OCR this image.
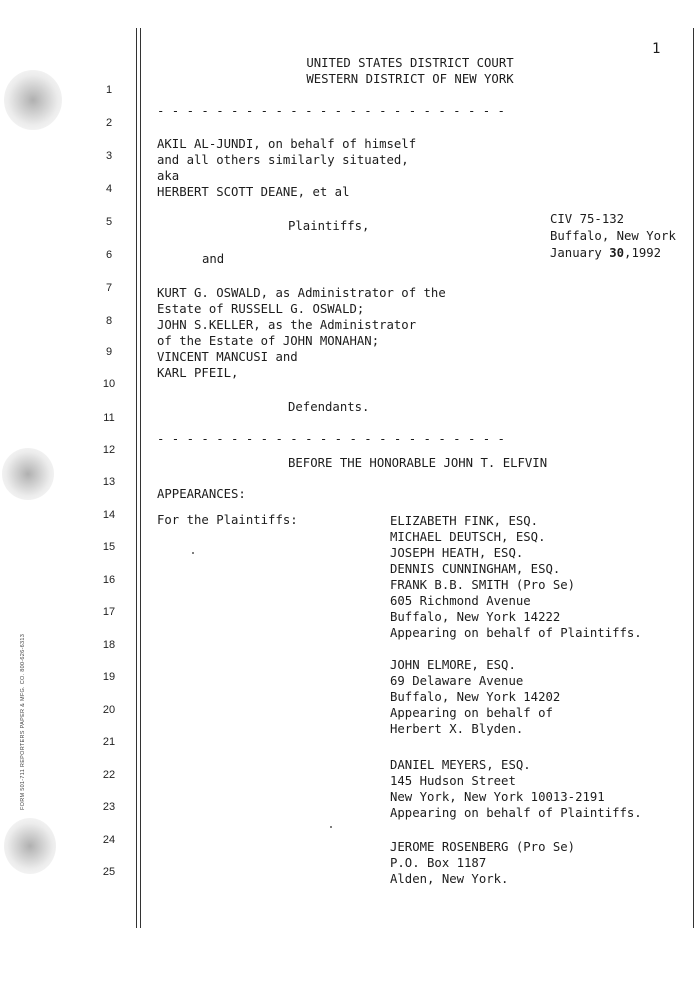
FORM 501-711 REPORTERS PAPER & MFG. CO. 800-626-6313
1
1
2
3
4
5
6
7
8
9
10
11
12
13
14
15
16
17
18
19
20
21
22
23
24
25
UNITED STATES DISTRICT COURT
WESTERN DISTRICT OF NEW YORK
- - - - - - - - - - - - - - - - - - - - - - - -
AKIL AL-JUNDI, on behalf of himself
and all others similarly situated,
aka
HERBERT SCOTT DEANE, et al
Plaintiffs,	CIV 75-132
Buffalo, New York
January 30,1992
and
KURT G. OSWALD, as Administrator of the
Estate of RUSSELL G. OSWALD;
JOHN S.KELLER, as the Administrator
of the Estate of JOHN MONAHAN;
VINCENT MANCUSI and
KARL PFEIL,
Defendants.
- - - - - - - - - - - - - - - - - - - - - - - -
BEFORE THE HONORABLE JOHN T. ELFVIN
APPEARANCES:
For the Plaintiffs:	ELIZABETH FINK, ESQ.
MICHAEL DEUTSCH, ESQ.
JOSEPH HEATH, ESQ.
DENNIS CUNNINGHAM, ESQ.
FRANK B.B. SMITH (Pro Se)
605 Richmond Avenue
Buffalo, New York 14222
Appearing on behalf of Plaintiffs.
JOHN ELMORE, ESQ.
69 Delaware Avenue
Buffalo, New York 14202
Appearing on behalf of
Herbert X. Blyden.
DANIEL MEYERS, ESQ.
145 Hudson Street
New York, New York 10013-2191
Appearing on behalf of Plaintiffs.
JEROME ROSENBERG (Pro Se)
P.O. Box 1187
Alden, New York.
